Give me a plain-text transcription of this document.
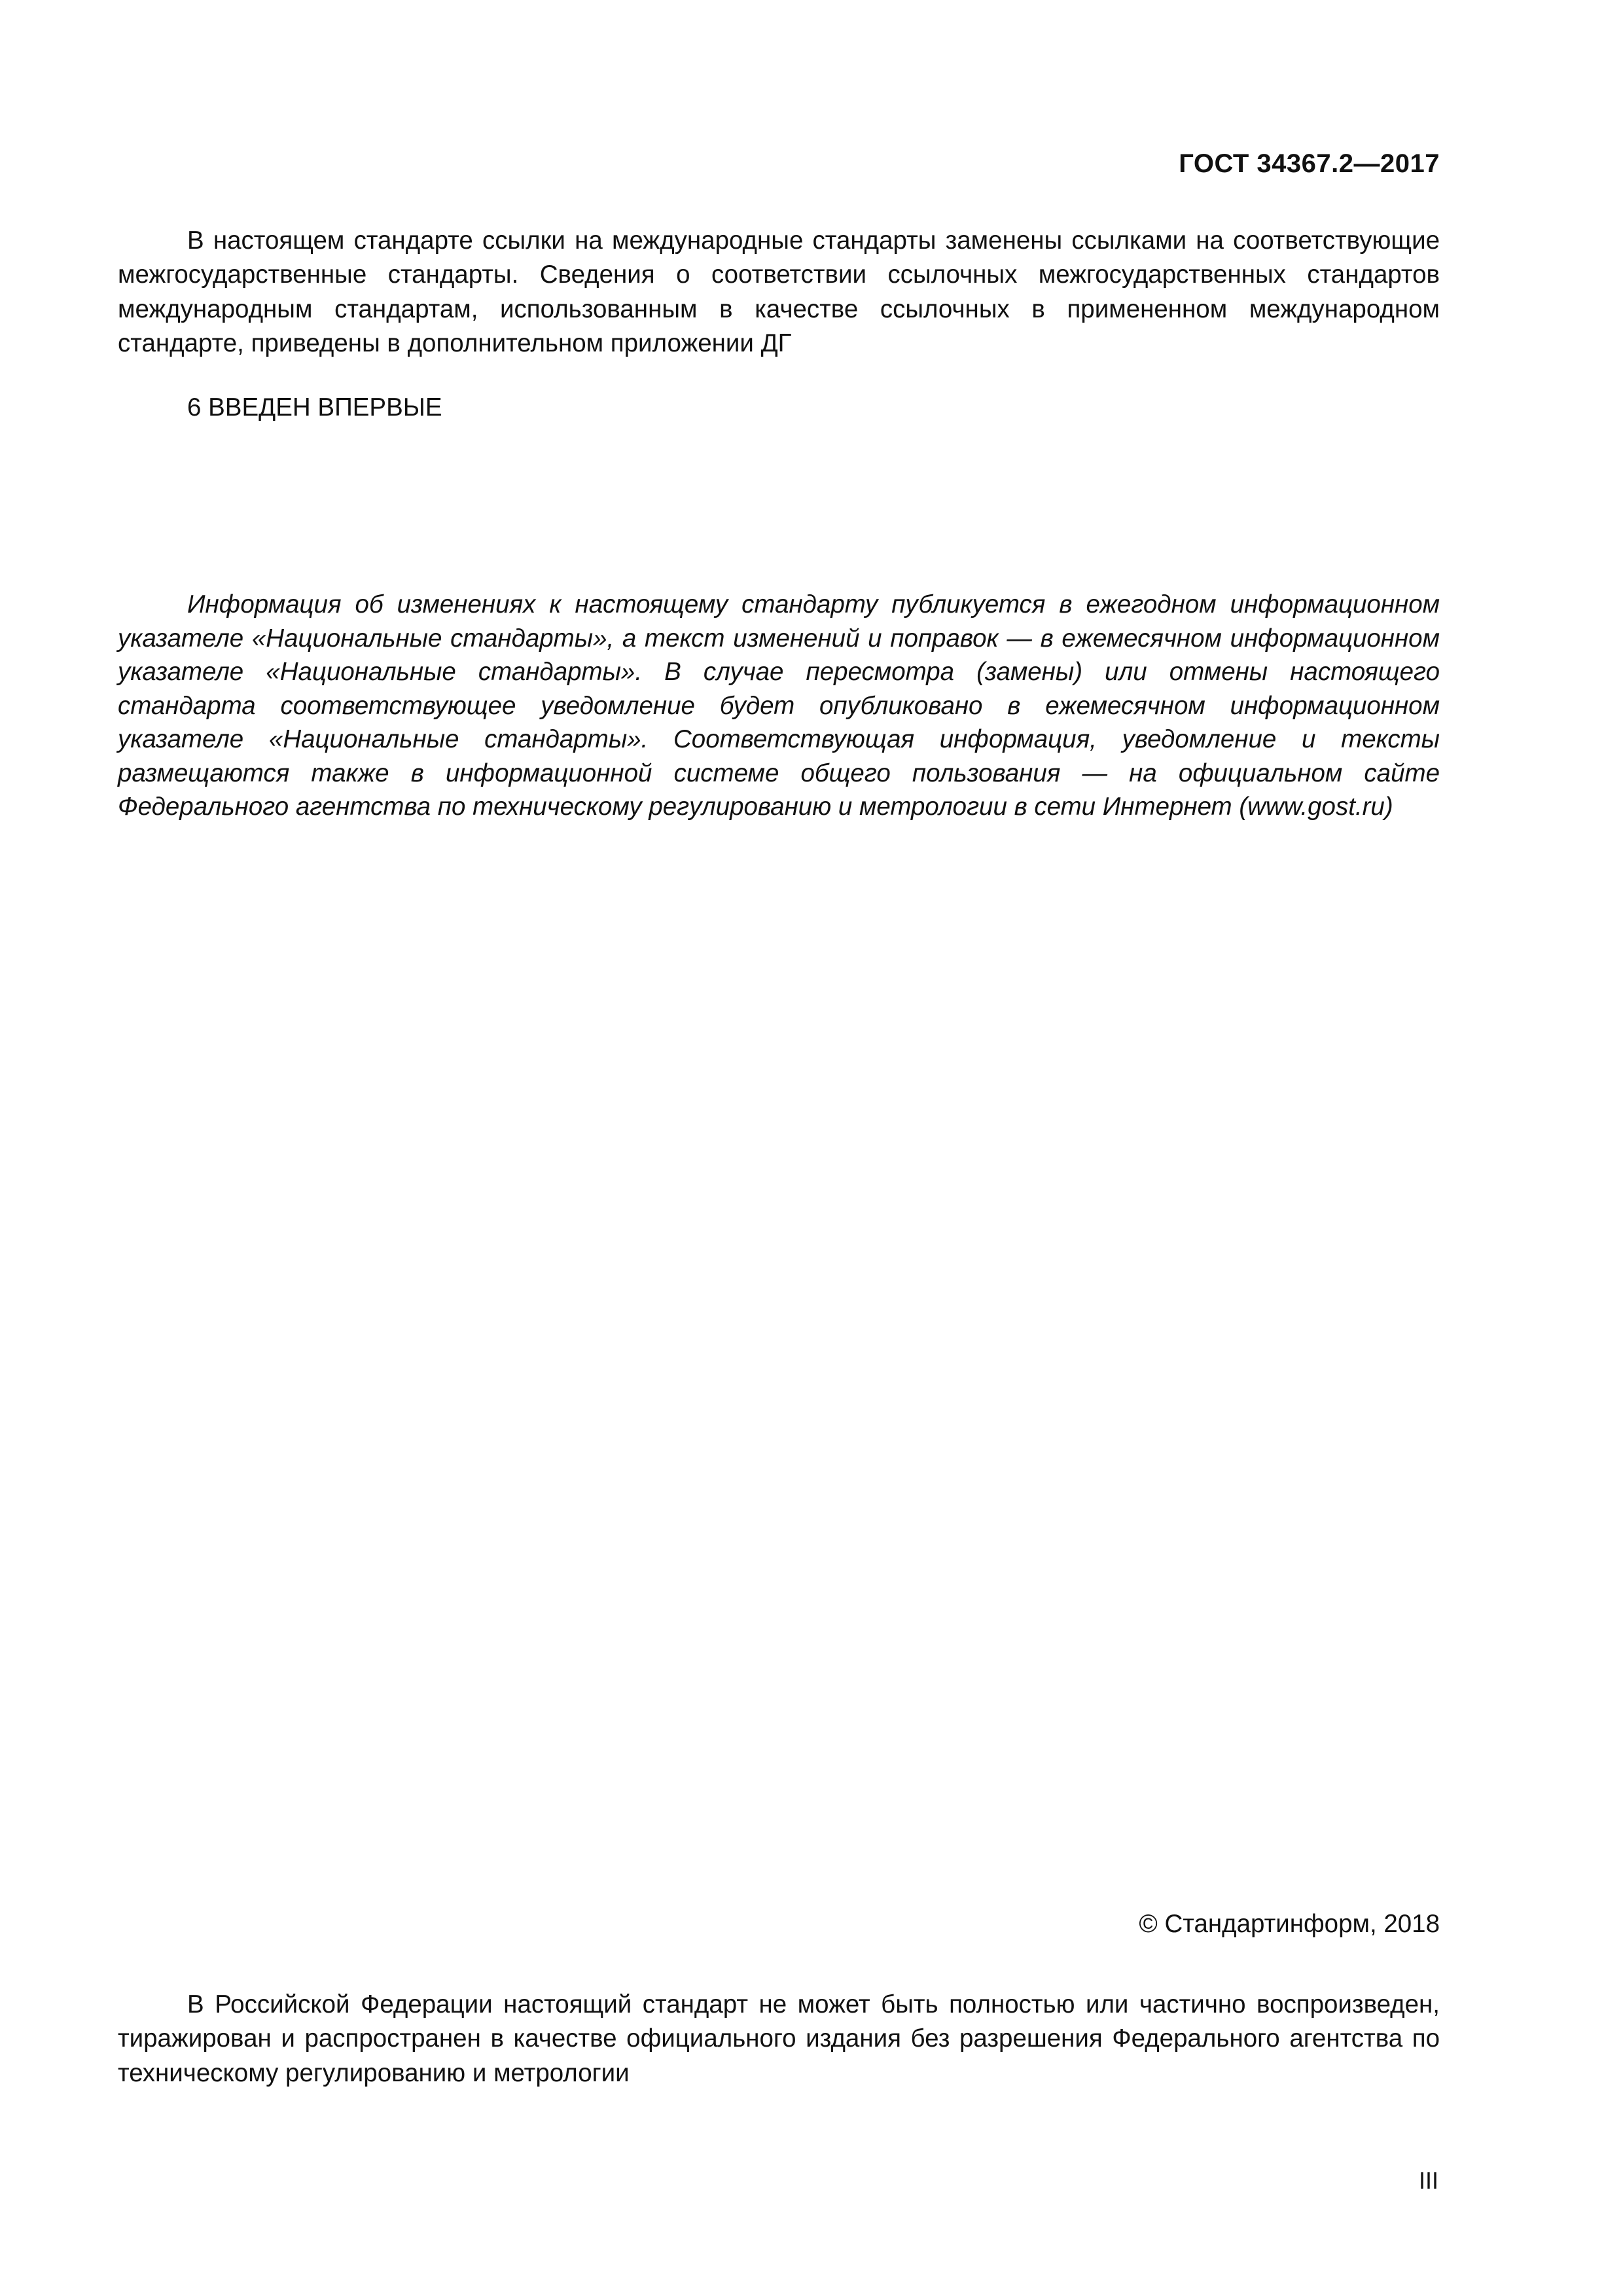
ГОСТ 34367.2—2017

В настоящем стандарте ссылки на международные стандарты заменены ссылками на соответствующие межгосударственные стандарты. Сведения о соответствии ссылочных межгосударственных стандартов международным стандартам, использованным в качестве ссылочных в примененном международном стандарте, приведены в дополнительном приложении ДГ

6 ВВЕДЕН ВПЕРВЫЕ

Информация об изменениях к настоящему стандарту публикуется в ежегодном информационном указателе «Национальные стандарты», а текст изменений и поправок — в ежемесячном информационном указателе «Национальные стандарты». В случае пересмотра (замены) или отмены настоящего стандарта соответствующее уведомление будет опубликовано в ежемесячном информационном указателе «Национальные стандарты». Соответствующая информация, уведомление и тексты размещаются также в информационной системе общего пользования — на официальном сайте Федерального агентства по техническому регулированию и метрологии в сети Интернет (www.gost.ru)

© Стандартинформ, 2018

В Российской Федерации настоящий стандарт не может быть полностью или частично воспроизведен, тиражирован и распространен в качестве официального издания без разрешения Федерального агентства по техническому регулированию и метрологии

III
